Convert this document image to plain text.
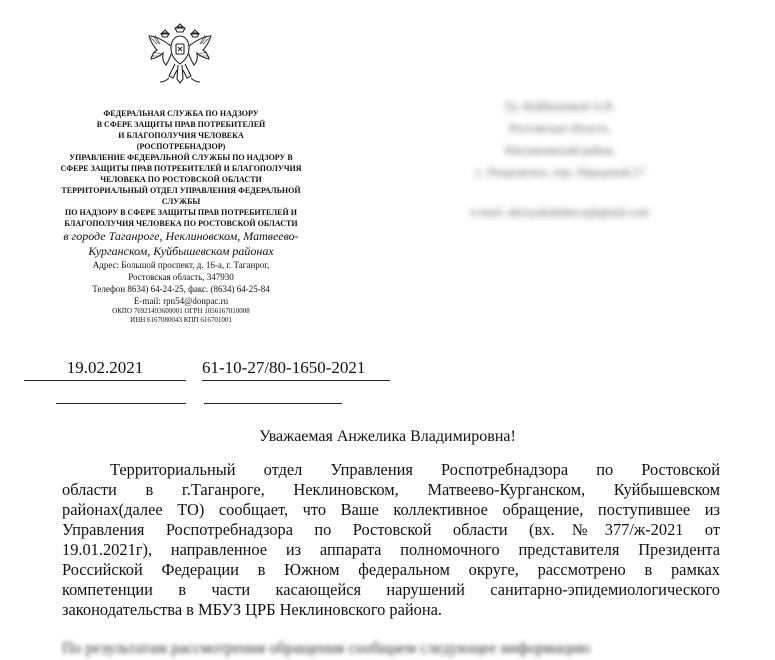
ФЕДЕРАЛЬНАЯ СЛУЖБА ПО НАДЗОРУ
В СФЕРЕ ЗАЩИТЫ ПРАВ ПОТРЕБИТЕЛЕЙ
И БЛАГОПОЛУЧИЯ ЧЕЛОВЕКА
(РОСПОТРЕБНАДЗОР)
УПРАВЛЕНИЕ ФЕДЕРАЛЬНОЙ СЛУЖБЫ ПО НАДЗОРУ В
СФЕРЕ ЗАЩИТЫ ПРАВ ПОТРЕБИТЕЛЕЙ И БЛАГОПОЛУЧИЯ
ЧЕЛОВЕКА ПО РОСТОВСКОЙ ОБЛАСТИ
ТЕРРИТОРИАЛЬНЫЙ ОТДЕЛ УПРАВЛЕНИЯ ФЕДЕРАЛЬНОЙ
СЛУЖБЫ
ПО НАДЗОРУ В СФЕРЕ ЗАЩИТЫ ПРАВ ПОТРЕБИТЕЛЕЙ И
БЛАГОПОЛУЧИЯ ЧЕЛОВЕКА ПО РОСТОВСКОЙ ОБЛАСТИ
в городе Таганроге, Неклиновском, Матвеево-
Курганском, Куйбышевском районах
Адрес: Большой проспект, д. 16-а, г. Таганрог,
Ростовская область, 347930
Телефон 8634) 64-24-25, факс. (8634) 64-25-84
E-mail: rpn54@donpac.ru
ОКПО 76921493600001 ОГРН 1056167010008
ИНН 6167080043 КПП 616701001
Гр. Куйбышевой А.В.
Ростовская область,
Неклиновский район,
с. Покровское, пер. Народный,17
e-mail: akrisyakuhsheva@gmail.com
19.02.2021	61-10-27/80-1650-2021
Уважаемая Анжелика Владимировна!
Территориальный отдел Управления Роспотребнадзора по Ростовской
области в г.Таганроге, Неклиновском, Матвеево-Курганском, Куйбышевском
районах(далее ТО) сообщает, что Ваше коллективное обращение, поступившее из
Управления Роспотребнадзора по Ростовской области (вх.№377/ж-2021 от
19.01.2021г), направленное из аппарата полномочного представителя Президента
Российской Федерации в Южном федеральном округе, рассмотрено в рамках
компетенции в части касающейся нарушений санитарно-эпидемиологического
законодательства в МБУЗ ЦРБ Неклиновского района.
По результатам рассмотрения обращения сообщаем следующее информацию
